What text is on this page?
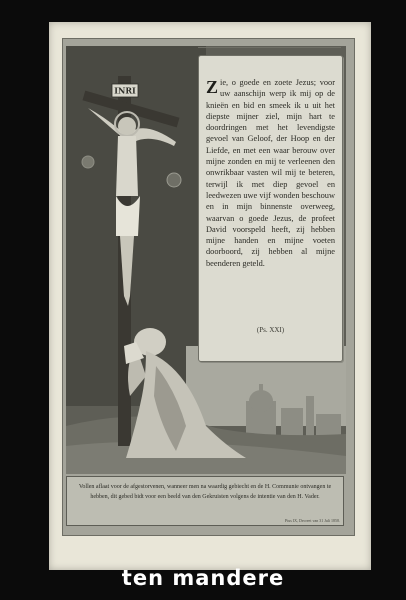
INRI	Zie, o goede en zoete Jezus; voor uw aanschijn werp ik mij op de knieën en bid en smeek ik u uit het diepste mijner ziel, mijn hart te doordringen met het levendigste gevoel van Geloof, der Hoop en der Liefde, en met een waar berouw over mijne zonden en mij te verleenen den onwrikbaar vasten wil mij te beteren, terwijl ik met diep gevoel en leedwezen uwe vijf wonden beschouw en in mijn binnenste overweeg, waarvan o goede Jezus, de profeet David voorspeld heeft, zij hebben mijne handen en mijne voeten doorboord, zij hebben al mijne beenderen geteld.
(Ps. XXI)
Vollen aflaat voor de afgestorvenen, wanneer men na waardig gebiecht en de H. Communie ontvangen te hebben, dit gebed bidt voor een beeld van den Gekruisten volgens de intentie van den H. Vader.
Pius IX, Decreet van 31 Juli 1858.
ten mandere
